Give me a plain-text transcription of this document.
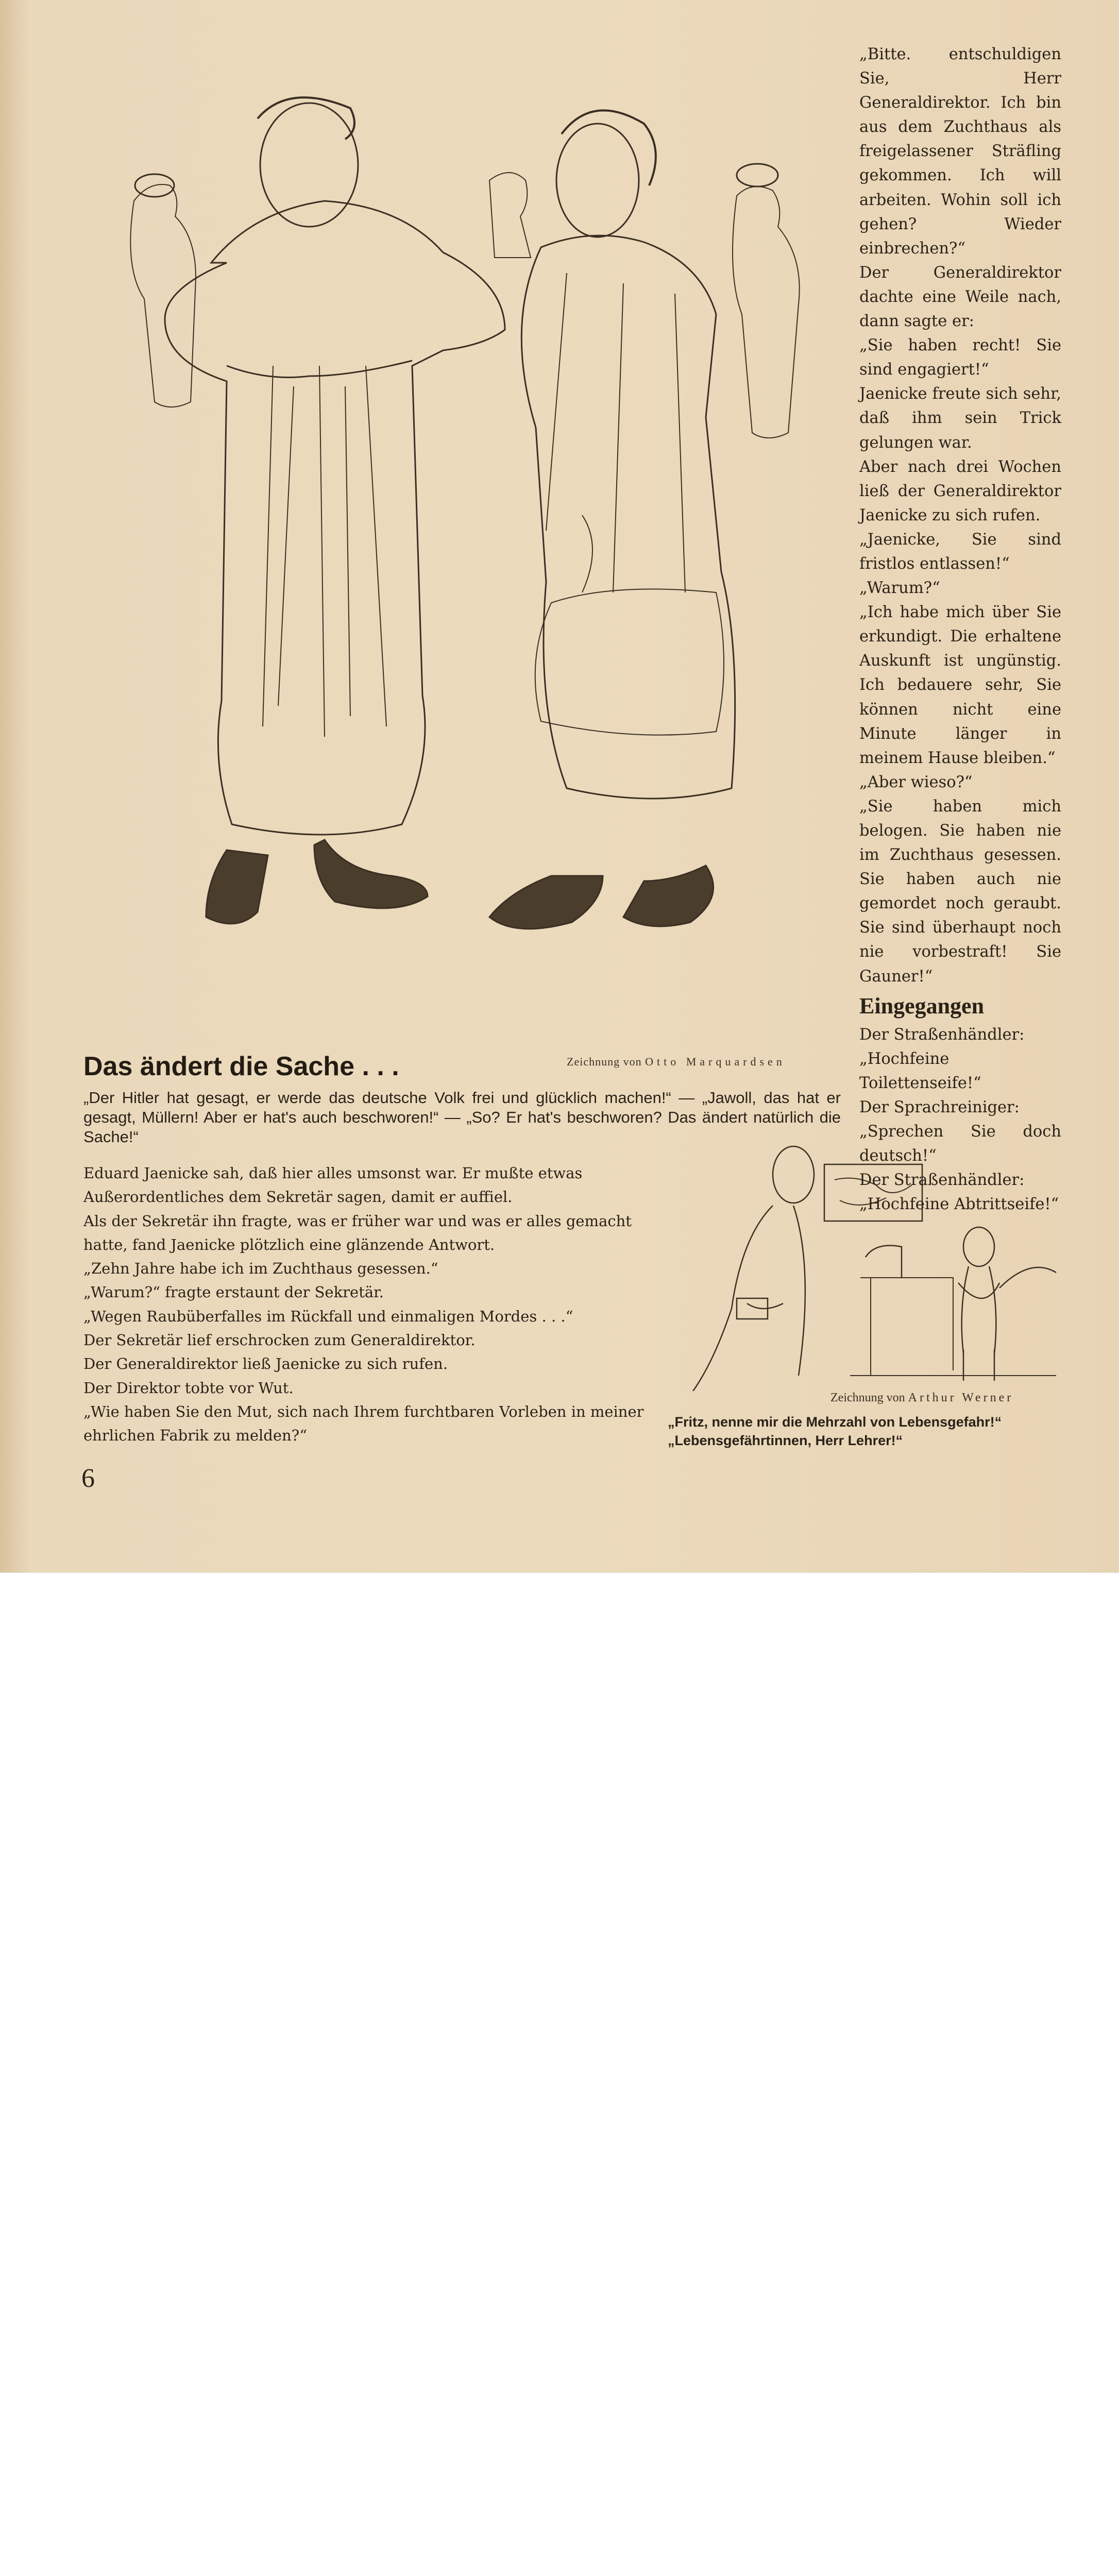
„Bitte. entschuldigen Sie, Herr Generaldirektor. Ich bin aus dem Zuchthaus als freigelassener Sträfling gekommen. Ich will arbeiten. Wohin soll ich gehen? Wieder einbrechen?“

Der Generaldirektor dachte eine Weile nach, dann sagte er:

„Sie haben recht! Sie sind engagiert!“

Jaenicke freute sich sehr, daß ihm sein Trick gelungen war.

Aber nach drei Wochen ließ der Generaldirektor Jaenicke zu sich rufen.

„Jaenicke, Sie sind fristlos entlassen!“

„Warum?“

„Ich habe mich über Sie erkundigt. Die erhaltene Auskunft ist ungünstig. Ich bedauere sehr, Sie können nicht eine Minute länger in meinem Hause bleiben.“

„Aber wieso?“

„Sie haben mich belogen. Sie haben nie im Zuchthaus gesessen. Sie haben auch nie gemordet noch geraubt. Sie sind überhaupt noch nie vorbestraft! Sie Gauner!“

Eingegangen

Der Straßenhändler:

„Hochfeine Toilettenseife!“

Der Sprachreiniger:

„Sprechen Sie doch deutsch!“

Der Straßenhändler:

„Hochfeine Abtrittseife!“

Das ändert die Sache . . .	Zeichnung von Otto Marquardsen
„Der Hitler hat gesagt, er werde das deutsche Volk frei und glücklich machen!“ — „Jawoll, das hat er gesagt, Müllern! Aber er hat's auch beschworen!“ — „So? Er hat's beschworen? Das ändert natürlich die Sache!“

Eduard Jaenicke sah, daß hier alles umsonst war. Er mußte etwas Außerordentliches dem Sekretär sagen, damit er auffiel.

Als der Sekretär ihn fragte, was er früher war und was er alles gemacht hatte, fand Jaenicke plötzlich eine glänzende Antwort.

„Zehn Jahre habe ich im Zuchthaus gesessen.“

„Warum?“ fragte erstaunt der Sekretär.

„Wegen Raubüberfalles im Rückfall und einmaligen Mordes . . .“

Der Sekretär lief erschrocken zum Generaldirektor.

Der Generaldirektor ließ Jaenicke zu sich rufen.

Der Direktor tobte vor Wut.

„Wie haben Sie den Mut, sich nach Ihrem furchtbaren Vorleben in meiner ehrlichen Fabrik zu melden?“

Zeichnung von Arthur Werner
„Fritz, nenne mir die Mehrzahl von Lebensgefahr!“
„Lebensgefährtinnen, Herr Lehrer!“
6
